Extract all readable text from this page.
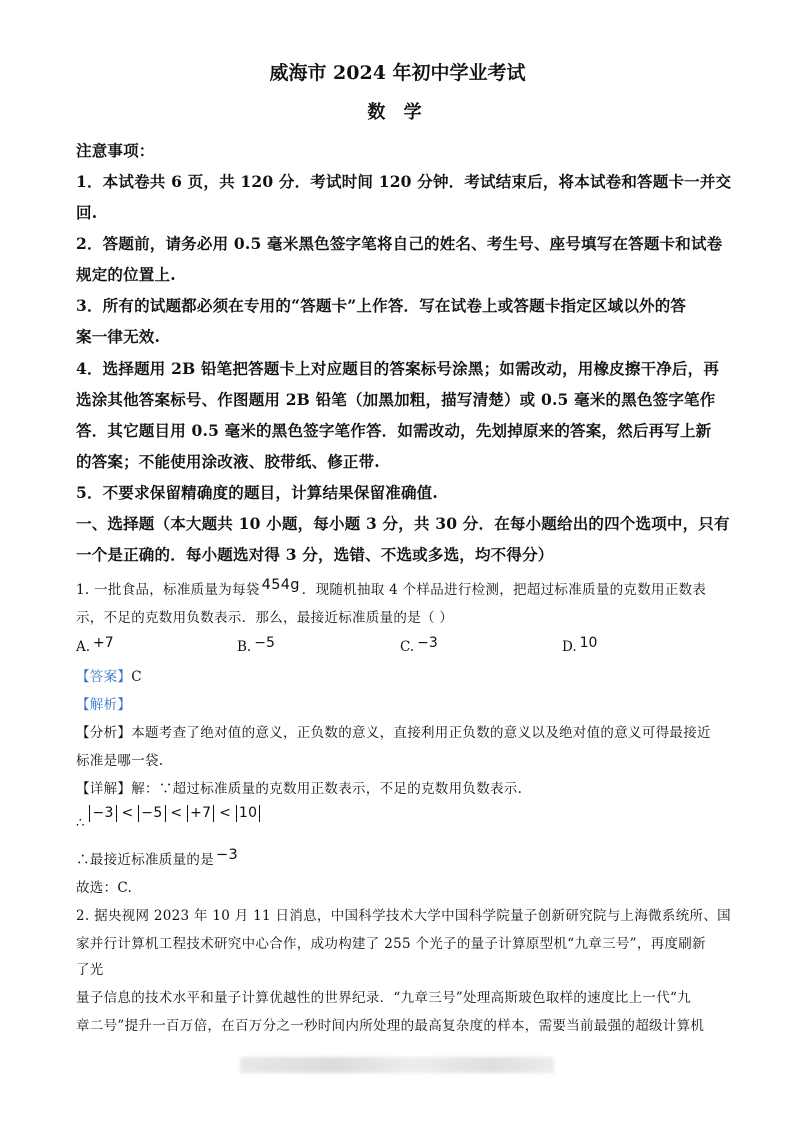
威海市 2024 年初中学业考试
数 学
注意事项：
1．本试卷共 6 页，共 120 分．考试时间 120 分钟．考试结束后，将本试卷和答题卡一并交
回.
2．答题前，请务必用 0.5 毫米黑色签字笔将自己的姓名、考生号、座号填写在答题卡和试卷
规定的位置上.
3．所有的试题都必须在专用的“答题卡”上作答．写在试卷上或答题卡指定区域以外的答
案一律无效.
4．选择题用 2B 铅笔把答题卡上对应题目的答案标号涂黑；如需改动，用橡皮擦干净后，再
选涂其他答案标号、作图题用 2B 铅笔（加黑加粗，描写清楚）或 0.5 毫米的黑色签字笔作
答．其它题目用 0.5 毫米的黑色签字笔作答．如需改动，先划掉原来的答案，然后再写上新
的答案；不能使用涂改液、胶带纸、修正带.
5．不要求保留精确度的题目，计算结果保留准确值.
一、选择题（本大题共 10 小题，每小题 3 分，共 30 分．在每小题给出的四个选项中，只有
一个是正确的．每小题选对得 3 分，选错、不选或多选，均不得分）
1. 一批食品，标准质量为每袋 454g ．现随机抽取 4 个样品进行检测，把超过标准质量的克数用正数表
示，不足的克数用负数表示．那么，最接近标准质量的是（ ）
A. +7	B. −5	C. −3	D. 10
【答案】C
【解析】
【分析】本题考查了绝对值的意义，正负数的意义，直接利用正负数的意义以及绝对值的意义可得最接近
标准是哪一袋.
【详解】解：∵超过标准质量的克数用正数表示，不足的克数用负数表示.
∴ −3 < −5 < +7 < 10
∴最接近标准质量的是 −3
故选：C.
2. 据央视网 2023 年 10 月 11 日消息，中国科学技术大学中国科学院量子创新研究院与上海微系统所、国
家并行计算机工程技术研究中心合作，成功构建了 255 个光子的量子计算原型机“九章三号”，再度刷新
了光
量子信息的技术水平和量子计算优越性的世界纪录．“九章三号”处理高斯玻色取样的速度比上一代“九
章二号”提升一百万倍，在百万分之一秒时间内所处理的最高复杂度的样本，需要当前最强的超级计算机
